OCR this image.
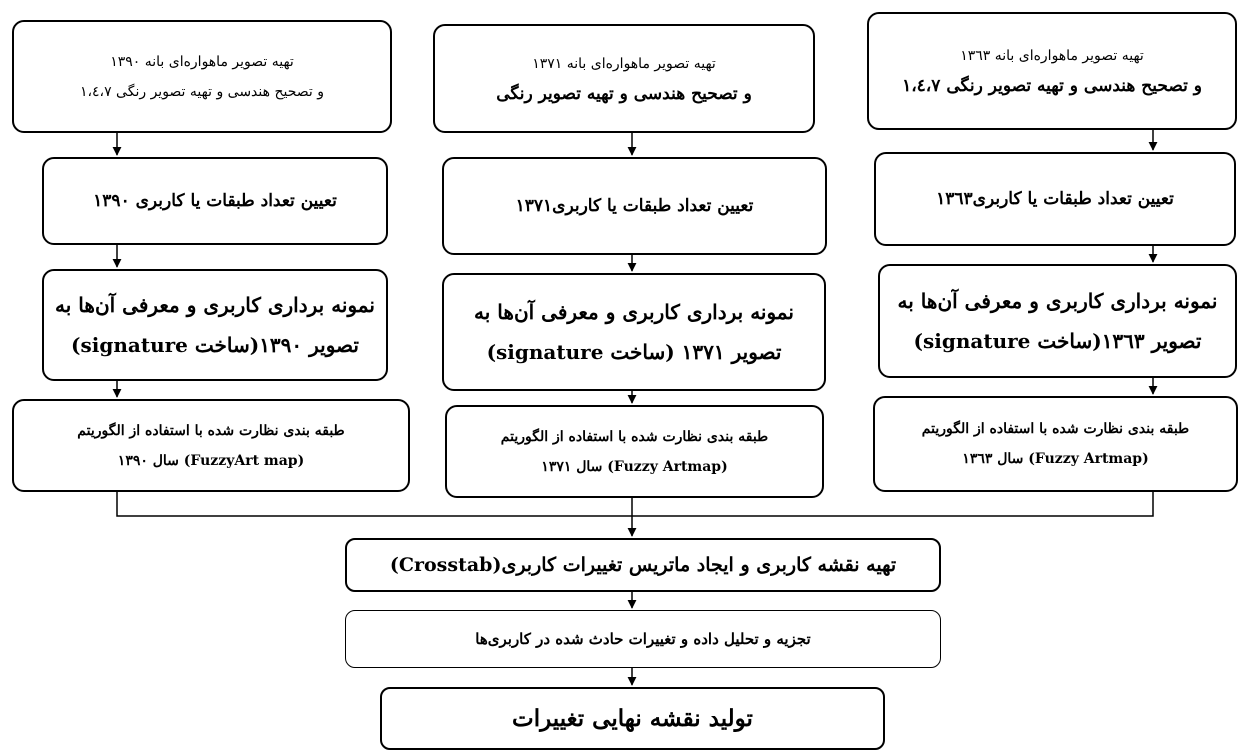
تهیه تصویر ماهواره‌ای بانه ۱۳۹۰
و تصحیح هندسی و تهیه تصویر رنگی ۱،٤،۷
تعیین تعداد طبقات یا کاربری ۱۳۹۰
نمونه برداری کاربری و معرفی آن‌ها به
تصویر ۱۳۹۰(ساخت signature)
طبقه بندی نظارت شده با استفاده از الگوریتم
(FuzzyArt map) سال ۱۳۹۰
تهیه تصویر ماهواره‌ای بانه ۱۳۷۱
و تصحیح هندسی و تهیه تصویر رنگی
تعیین تعداد طبقات یا کاربری۱۳۷۱
نمونه برداری کاربری و معرفی آن‌ها به
تصویر ۱۳۷۱ (ساخت signature)
طبقه بندی نظارت شده با استفاده از الگوریتم
(Fuzzy Artmap) سال ۱۳۷۱
تهیه تصویر ماهواره‌ای بانه ۱۳٦۳
و تصحیح هندسی و تهیه تصویر رنگی ۱،٤،۷
تعیین تعداد طبقات یا کاربری۱۳٦۳
نمونه برداری کاربری و معرفی آن‌ها به
تصویر ۱۳٦۳(ساخت signature)
طبقه بندی نظارت شده با استفاده از الگوریتم
(Fuzzy Artmap) سال ۱۳٦۳
تهیه نقشه کاربری و ایجاد ماتریس تغییرات کاربری(Crosstab)
تجزیه و تحلیل داده و تغییرات حادث شده در کاربری‌ها
تولید نقشه نهایی تغییرات
